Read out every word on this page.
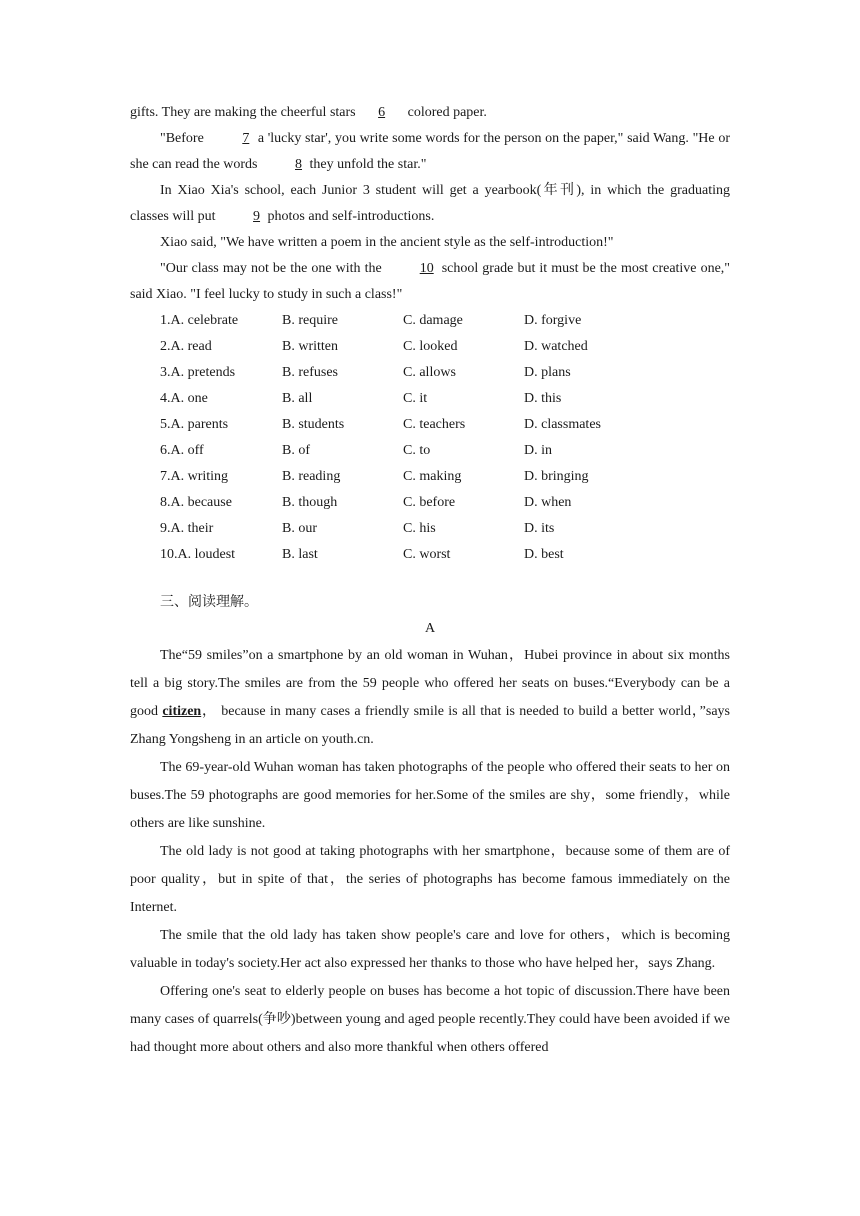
gifts. They are making the cheerful stars 6 colored paper.

"Before	7 a 'lucky star', you write some words for the person on the paper," said Wang. "He or she can read the words	8 they unfold the star."

In Xiao Xia's school, each Junior 3 student will get a yearbook(年刊), in which the graduating classes will put	9 photos and self-introductions.

Xiao said, "We have written a poem in the ancient style as the self-introduction!"

"Our class may not be the one with the	10 school grade but it must be the most creative one," said Xiao. "I feel lucky to study in such a class!"

1.A. celebrate	B. require	C. damage	D. forgive
2.A. read	B. written	C. looked	D. watched
3.A. pretends	B. refuses	C. allows	D. plans
4.A. one	B. all	C. it	D. this
5.A. parents	B. students	C. teachers	D. classmates
6.A. off	B. of	C. to	D. in
7.A. writing	B. reading	C. making	D. bringing
8.A. because	B. though	C. before	D. when
9.A. their	B. our	C. his	D. its
10.A. loudest	B. last	C. worst	D. best
三、阅读理解。
A

The“59 smiles”on a smartphone by an old woman in Wuhan，Hubei province in about six months tell a big story.The smiles are from the 59 people who offered her seats on buses.“Everybody can be a good citizen， because in many cases a friendly smile is all that is needed to build a better world，”says Zhang Yongsheng in an article on youth.cn.

The 69-year-old Wuhan woman has taken photographs of the people who offered their seats to her on buses.The 59 photographs are good memories for her.Some of the smiles are shy，some friendly，while others are like sunshine.

The old lady is not good at taking photographs with her smartphone，because some of them are of poor quality，but in spite of that，the series of photographs has become famous immediately on the Internet.

The smile that the old lady has taken show people's care and love for others，which is becoming valuable in today's society.Her act also expressed her thanks to those who have helped her，says Zhang.

Offering one's seat to elderly people on buses has become a hot topic of discussion.There have been many cases of quarrels(争吵)between young and aged people recently.They could have been avoided if we had thought more about others and also more thankful when others offered
